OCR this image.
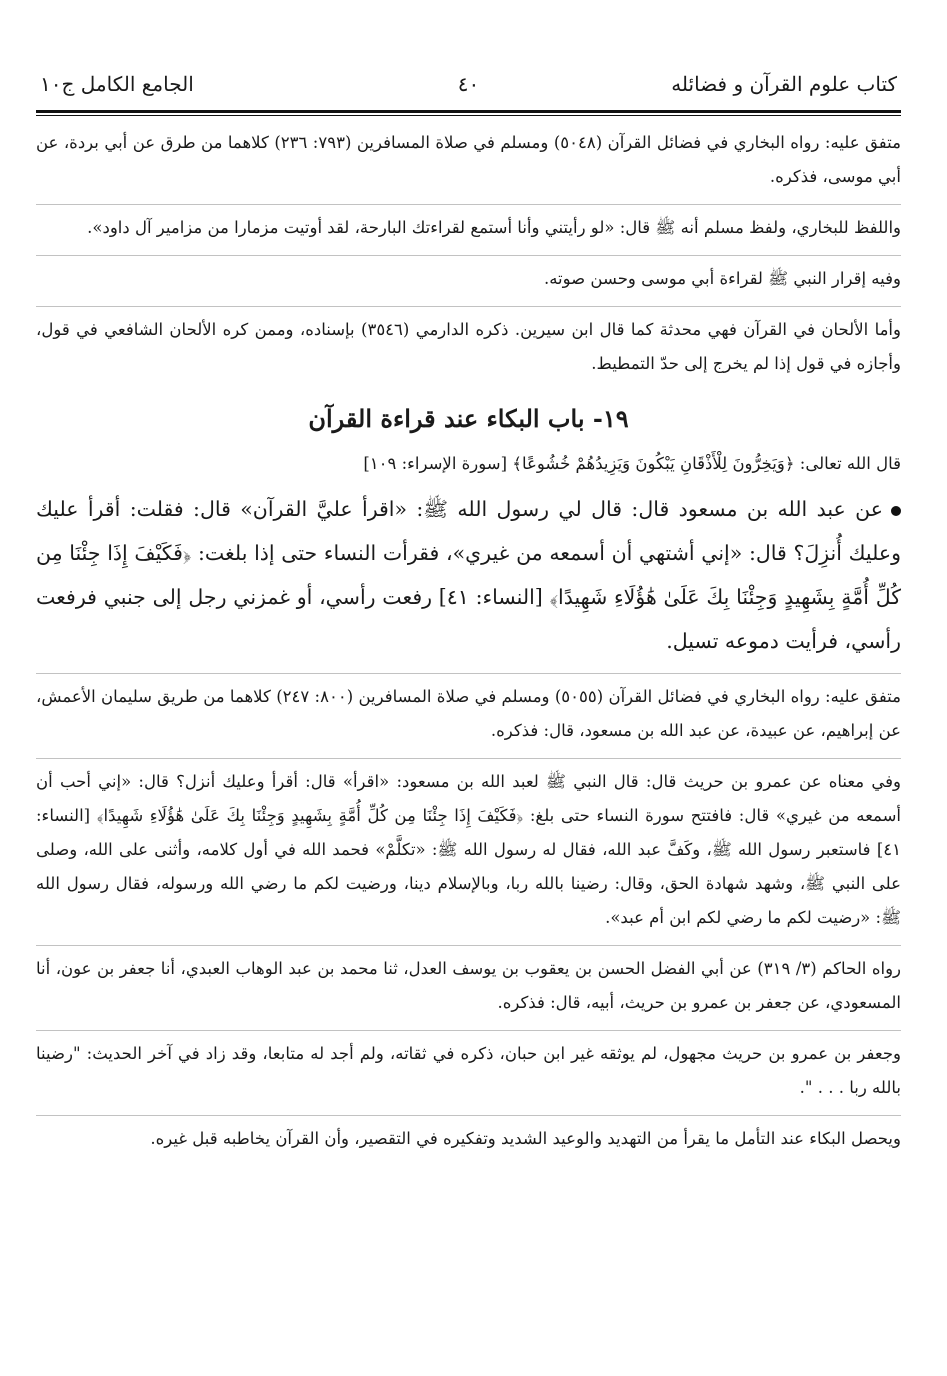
كتاب علوم القرآن و فضائله
٤٠
الجامع الكامل ج١٠

متفق عليه: رواه البخاري في فضائل القرآن (٥٠٤٨) ومسلم في صلاة المسافرين (٧٩٣: ٢٣٦) كلاهما من طرق عن أبي بردة، عن أبي موسى، فذكره.

واللفظ للبخاري، ولفظ مسلم أنه ﷺ قال: «لو رأيتني وأنا أستمع لقراءتك البارحة، لقد أوتيت مزمارا من مزامير آل داود».

وفيه إقرار النبي ﷺ لقراءة أبي موسى وحسن صوته.

وأما الألحان في القرآن فهي محدثة كما قال ابن سيرين. ذكره الدارمي (٣٥٤٦) بإسناده، وممن كره الألحان الشافعي في قول، وأجازه في قول إذا لم يخرج إلى حدّ التمطيط.

١٩- باب البكاء عند قراءة القرآن

قال الله تعالى: ﴿وَيَخِرُّونَ لِلْأَذْقَانِ يَبْكُونَ وَيَزِيدُهُمْ خُشُوعًا﴾ [سورة الإسراء: ١٠٩]

عن عبد الله بن مسعود قال: قال لي رسول الله ﷺ: «اقرأ عليَّ القرآن» قال: فقلت: أقرأ عليك وعليك أُنزِلَ؟ قال: «إني أشتهي أن أسمعه من غيري»، فقرأت النساء حتى إذا بلغت: ﴿فَكَيْفَ إِذَا جِئْنَا مِن كُلِّ أُمَّةٍ بِشَهِيدٍ وَجِئْنَا بِكَ عَلَىٰ هَٰؤُلَاءِ شَهِيدًا﴾ [النساء: ٤١] رفعت رأسي، أو غمزني رجل إلى جنبي فرفعت رأسي، فرأيت دموعه تسيل.

متفق عليه: رواه البخاري في فضائل القرآن (٥٠٥٥) ومسلم في صلاة المسافرين (٨٠٠: ٢٤٧) كلاهما من طريق سليمان الأعمش، عن إبراهيم، عن عبيدة، عن عبد الله بن مسعود، قال: فذكره.

وفي معناه عن عمرو بن حريث قال: قال النبي ﷺ لعبد الله بن مسعود: «اقرأ» قال: أقرأ وعليك أنزل؟ قال: «إني أحب أن أسمعه من غيري» قال: فافتتح سورة النساء حتى بلغ: ﴿فَكَيْفَ إِذَا جِئْنَا مِن كُلِّ أُمَّةٍ بِشَهِيدٍ وَجِئْنَا بِكَ عَلَىٰ هَٰؤُلَاءِ شَهِيدًا﴾ [النساء: ٤١] فاستعبر رسول الله ﷺ، وكَفَّ عبد الله، فقال له رسول الله ﷺ: «تكلَّمْ» فحمد الله في أول كلامه، وأثنى على الله، وصلى على النبي ﷺ، وشهد شهادة الحق، وقال: رضينا بالله ربا، وبالإسلام دينا، ورضيت لكم ما رضي الله ورسوله، فقال رسول الله ﷺ: «رضيت لكم ما رضي لكم ابن أم عبد».

رواه الحاكم (٣/ ٣١٩) عن أبي الفضل الحسن بن يعقوب بن يوسف العدل، ثنا محمد بن عبد الوهاب العبدي، أنا جعفر بن عون، أنا المسعودي، عن جعفر بن عمرو بن حريث، أبيه، قال: فذكره.

وجعفر بن عمرو بن حريث مجهول، لم يوثقه غير ابن حبان، ذكره في ثقاته، ولم أجد له متابعا، وقد زاد في آخر الحديث: "رضينا بالله ربا . . . ".

ويحصل البكاء عند التأمل ما يقرأ من التهديد والوعيد الشديد وتفكيره في التقصير، وأن القرآن يخاطبه قبل غيره.
